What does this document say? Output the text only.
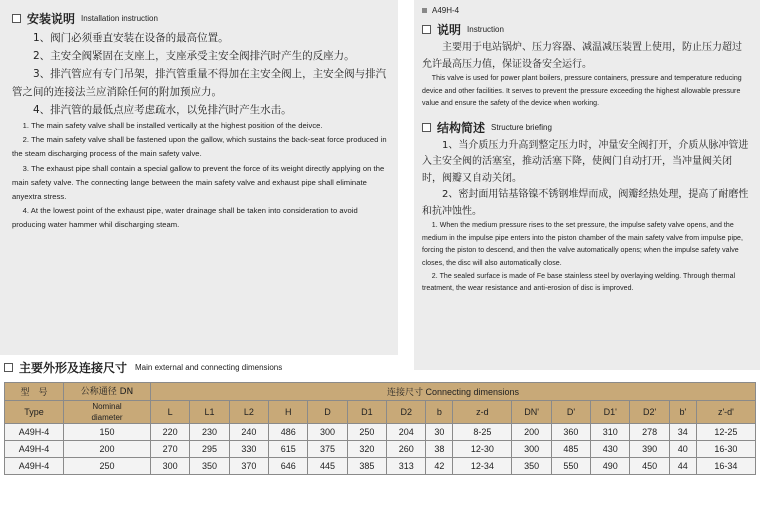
安装说明 Installation instruction

1、阀门必须垂直安装在设备的最高位置。

2、主安全阀紧固在支座上，支座承受主安全阀排汽时产生的反座力。

3、排汽管应有专门吊架，排汽管重量不得加在主安全阀上，主安全阀与排汽管之间的连接法兰应消除任何的附加预应力。

4、排汽管的最低点应考虑疏水，以免排汽时产生水击。

1. The main safety valve shall be installed vertically at the highest position of the deivce.

2. The main safety valve shall be fastened upon the gallow, which sustains the back-seat force produced in the steam discharging process of the main safety valve.

3. The exhaust pipe shall contain a special gallow to prevent the force of its weight directly applying on the main safety valve. The connecting lange between the main safety valve and exhaust pipe shall eliminate anyextra stress.

4. At the lowest point of the exhaust pipe, water drainage shall be taken into consideration to avoid producing water hammer whil discharging steam.

A49H-4
说明 Instruction

主要用于电站锅炉、压力容器、减温减压装置上使用，防止压力超过允许最高压力值，保证设备安全运行。

This valve is used for power plant boilers, pressure containers, pressure and temperature reducing device and other facilities. It serves to prevent the pressure exceeding the highest allowable pressure value and ensure the safety of the device when working.

结构简述 Structure briefing

1、当介质压力升高到整定压力时，冲量安全阀打开，介质从脉冲管进入主安全阀的活塞室，推动活塞下降，使阀门自动打开，当冲量阀关闭时，阀瓣又自动关闭。

2、密封面用钴基铬镍不锈钢堆焊而成，阀瓣经热处理，提高了耐磨性和抗冲蚀性。

1. When the medium pressure rises to the set pressure, the impulse safety valve opens, and the medium in the impulse pipe enters into the piston chamber of the main safety valve from impulse pipe, forcing the piston to descend, and then the valve automatically opens; when the impulse safety valve closes, the disc will also automatically close.

2. The sealed surface is made of Fe base stainless steel by overlaying welding. Through thermal treatment, the wear resistance and anti-erosion of disc is improved.

主要外形及连接尺寸 Main external and connecting dimensions
型　号	公称通径 DN	连接尺寸 Connecting dimensions														
Type	Nominal
diameter	L	L1	L2	H	D	D1	D2	b	z-d	DN'	D'	D1'	D2'	b'	z'-d'
A49H-4	150	220	230	240	486	300	250	204	30	8-25	200	360	310	278	34	12-25
A49H-4	200	270	295	330	615	375	320	260	38	12-30	300	485	430	390	40	16-30
A49H-4	250	300	350	370	646	445	385	313	42	12-34	350	550	490	450	44	16-34
